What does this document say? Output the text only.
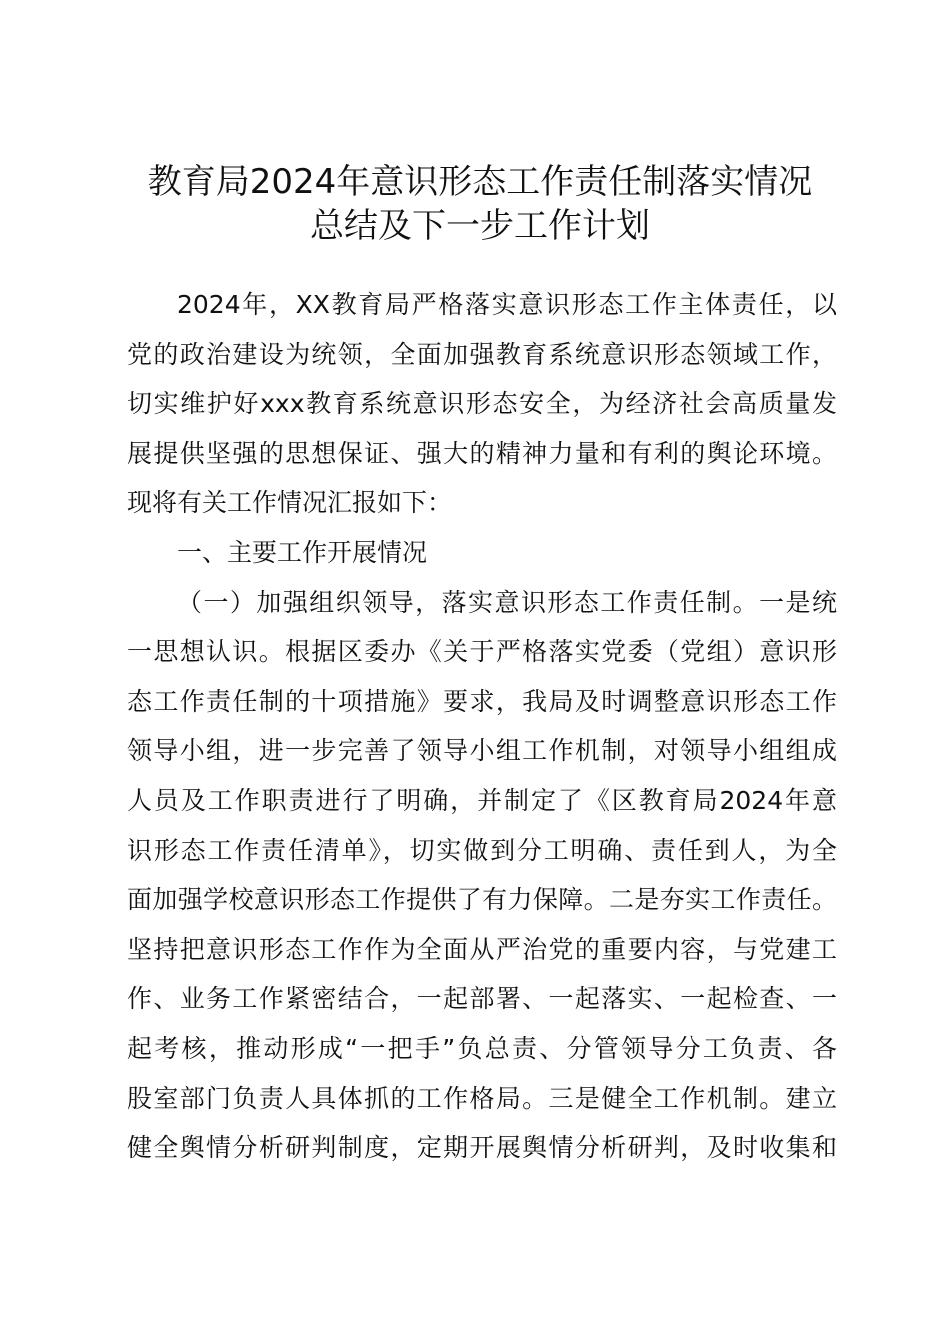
教育局2024年意识形态工作责任制落实情况
总结及下一步工作计划
2024年，XX教育局严格落实意识形态工作主体责任，以
党的政治建设为统领，全面加强教育系统意识形态领域工作，
切实维护好xxx教育系统意识形态安全，为经济社会高质量发
展提供坚强的思想保证、强大的精神力量和有利的舆论环境。
现将有关工作情况汇报如下：
一、主要工作开展情况
（一）加强组织领导，落实意识形态工作责任制。一是统
一思想认识。根据区委办《关于严格落实党委（党组）意识形
态工作责任制的十项措施》要求，我局及时调整意识形态工作
领导小组，进一步完善了领导小组工作机制，对领导小组组成
人员及工作职责进行了明确，并制定了《区教育局2024年意
识形态工作责任清单》，切实做到分工明确、责任到人，为全
面加强学校意识形态工作提供了有力保障。二是夯实工作责任。
坚持把意识形态工作作为全面从严治党的重要内容，与党建工
作、业务工作紧密结合，一起部署、一起落实、一起检查、一
起考核，推动形成“一把手”负总责、分管领导分工负责、各
股室部门负责人具体抓的工作格局。三是健全工作机制。建立
健全舆情分析研判制度，定期开展舆情分析研判，及时收集和
